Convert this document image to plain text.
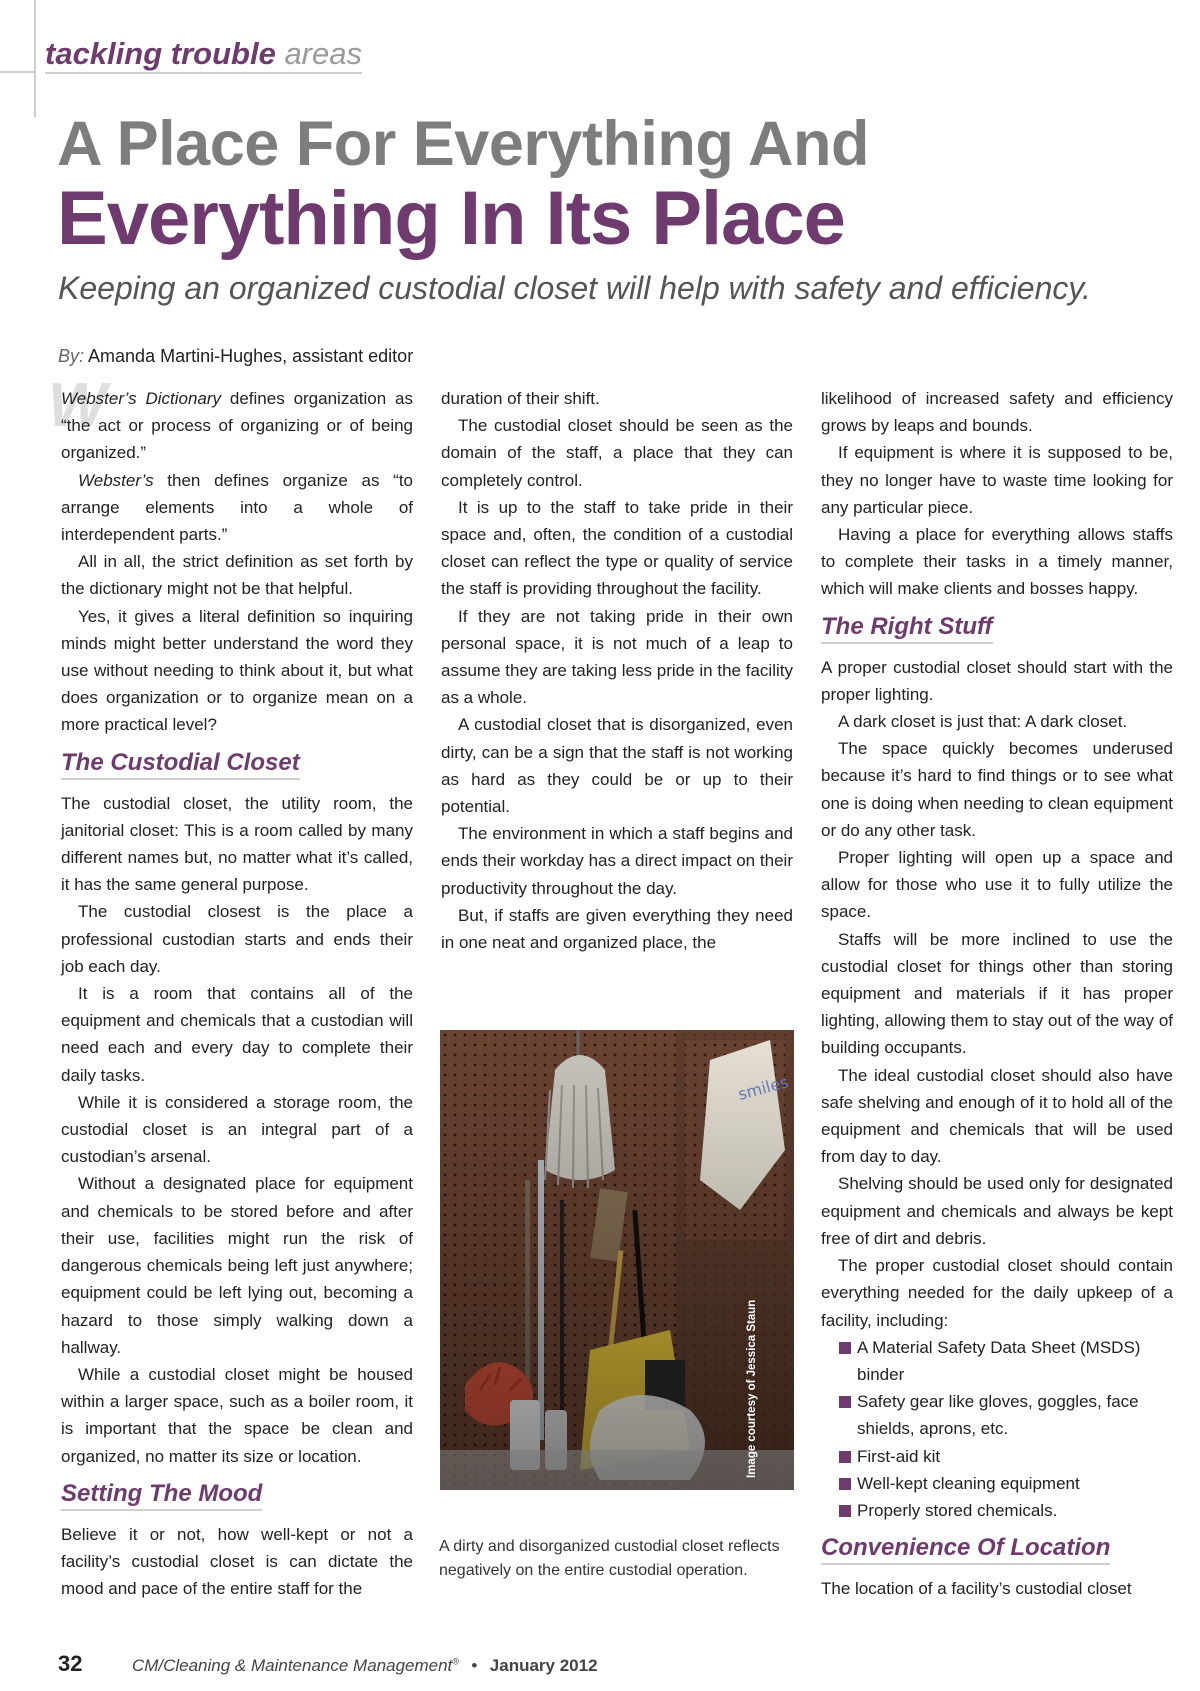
tackling trouble areas
A Place For Everything And
Everything In Its Place
Keeping an organized custodial closet will help with safety and efficiency.
By: Amanda Martini-Hughes, assistant editor
W

Webster’s Dictionary defines organization as “the act or process of organizing or of being organized.”

Webster’s then defines organize as “to arrange elements into a whole of interdependent parts.”

All in all, the strict definition as set forth by the dictionary might not be that helpful.

Yes, it gives a literal definition so inquiring minds might better understand the word they use without needing to think about it, but what does organization or to organize mean on a more practical level?

The Custodial Closet

The custodial closet, the utility room, the janitorial closet: This is a room called by many different names but, no matter what it’s called, it has the same general purpose.

The custodial closest is the place a professional custodian starts and ends their job each day.

It is a room that contains all of the equipment and chemicals that a custodian will need each and every day to complete their daily tasks.

While it is considered a storage room, the custodial closet is an integral part of a custodian’s arsenal.

Without a designated place for equipment and chemicals to be stored before and after their use, facilities might run the risk of dangerous chemicals being left just anywhere; equipment could be left lying out, becoming a hazard to those simply walking down a hallway.

While a custodial closet might be housed within a larger space, such as a boiler room, it is important that the space be clean and organized, no matter its size or location.

Setting The Mood

Believe it or not, how well-kept or not a facility’s custodial closet is can dictate the mood and pace of the entire staff for the

duration of their shift.

The custodial closet should be seen as the domain of the staff, a place that they can completely control.

It is up to the staff to take pride in their space and, often, the condition of a custodial closet can reflect the type or quality of service the staff is providing throughout the facility.

If they are not taking pride in their own personal space, it is not much of a leap to assume they are taking less pride in the facility as a whole.

A custodial closet that is disorganized, even dirty, can be a sign that the staff is not working as hard as they could be or up to their potential.

The environment in which a staff begins and ends their workday has a direct impact on their productivity throughout the day.

But, if staffs are given everything they need in one neat and organized place, the

Image courtesy of Jessica Staun
A dirty and disorganized custodial closet reflects negatively on the entire custodial operation.

likelihood of increased safety and efficiency grows by leaps and bounds.

If equipment is where it is supposed to be, they no longer have to waste time looking for any particular piece.

Having a place for everything allows staffs to complete their tasks in a timely manner, which will make clients and bosses happy.

The Right Stuff

A proper custodial closet should start with the proper lighting.

A dark closet is just that: A dark closet.

The space quickly becomes underused because it’s hard to find things or to see what one is doing when needing to clean equipment or do any other task.

Proper lighting will open up a space and allow for those who use it to fully utilize the space.

Staffs will be more inclined to use the custodial closet for things other than storing equipment and materials if it has proper lighting, allowing them to stay out of the way of building occupants.

The ideal custodial closet should also have safe shelving and enough of it to hold all of the equipment and chemicals that will be used from day to day.

Shelving should be used only for designated equipment and chemicals and always be kept free of dirt and debris.

The proper custodial closet should contain everything needed for the daily upkeep of a facility, including:

A Material Safety Data Sheet (MSDS) binder
Safety gear like gloves, goggles, face shields, aprons, etc.
First-aid kit
Well-kept cleaning equipment
Properly stored chemicals.
Convenience Of Location

The location of a facility’s custodial closet

32	CM/Cleaning & Maintenance Management® • January 2012
